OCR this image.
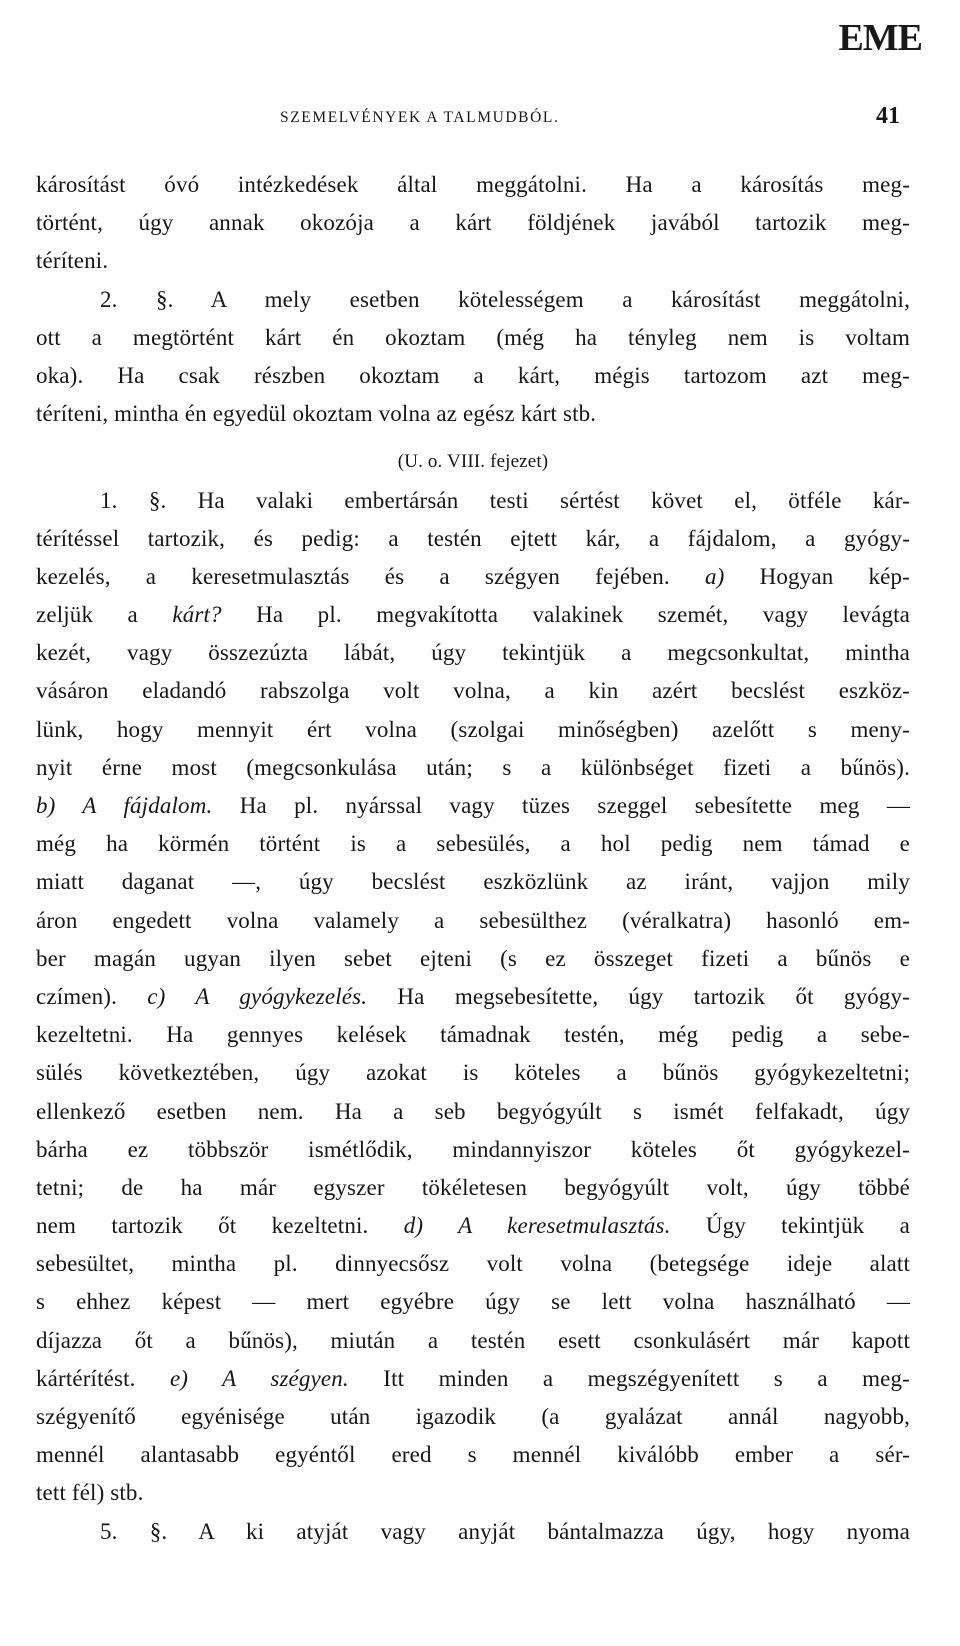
EME
SZEMELVÉNYEK A TALMUDBÓL.	41
károsítást óvó intézkedések által meggátolni. Ha a károsítás meg-
történt, úgy annak okozója a kárt földjének javából tartozik meg-
téríteni.
2. §. A mely esetben kötelességem a károsítást meggátolni,
ott a megtörtént kárt én okoztam (még ha tényleg nem is voltam
oka). Ha csak részben okoztam a kárt, mégis tartozom azt meg-
téríteni, mintha én egyedül okoztam volna az egész kárt stb.
(U. o. VIII. fejezet)
1. §. Ha valaki embertársán testi sértést követ el, ötféle kár-
térítéssel tartozik, és pedig: a testén ejtett kár, a fájdalom, a gyógy-
kezelés, a keresetmulasztás és a szégyen fejében. a) Hogyan kép-
zeljük a kárt? Ha pl. megvakította valakinek szemét, vagy levágta
kezét, vagy összezúzta lábát, úgy tekintjük a megcsonkultat, mintha
vásáron eladandó rabszolga volt volna, a kin azért becslést eszköz-
lünk, hogy mennyit ért volna (szolgai minőségben) azelőtt s meny-
nyit érne most (megcsonkulása után; s a különbséget fizeti a bűnös).
b) A fájdalom. Ha pl. nyárssal vagy tüzes szeggel sebesítette meg —
még ha körmén történt is a sebesülés, a hol pedig nem támad e
miatt daganat —, úgy becslést eszközlünk az iránt, vajjon mily
áron engedett volna valamely a sebesülthez (véralkatra) hasonló em-
ber magán ugyan ilyen sebet ejteni (s ez összeget fizeti a bűnös e
czímen). c) A gyógykezelés. Ha megsebesítette, úgy tartozik őt gyógy-
kezeltetni. Ha gennyes kelések támadnak testén, még pedig a sebe-
sülés következtében, úgy azokat is köteles a bűnös gyógykezeltetni;
ellenkező esetben nem. Ha a seb begyógyúlt s ismét felfakadt, úgy
bárha ez többször ismétlődik, mindannyiszor köteles őt gyógykezel-
tetni; de ha már egyszer tökéletesen begyógyúlt volt, úgy többé
nem tartozik őt kezeltetni. d) A keresetmulasztás. Úgy tekintjük a
sebesültet, mintha pl. dinnyecsősz volt volna (betegsége ideje alatt
s ehhez képest — mert egyébre úgy se lett volna használható —
díjazza őt a bűnös), miután a testén esett csonkulásért már kapott
kártérítést. e) A szégyen. Itt minden a megszégyenített s a meg-
szégyenítő egyénisége után igazodik (a gyalázat annál nagyobb,
mennél alantasabb egyéntől ered s mennél kiválóbb ember a sér-
tett fél) stb.
5. §. A ki atyját vagy anyját bántalmazza úgy, hogy nyoma
